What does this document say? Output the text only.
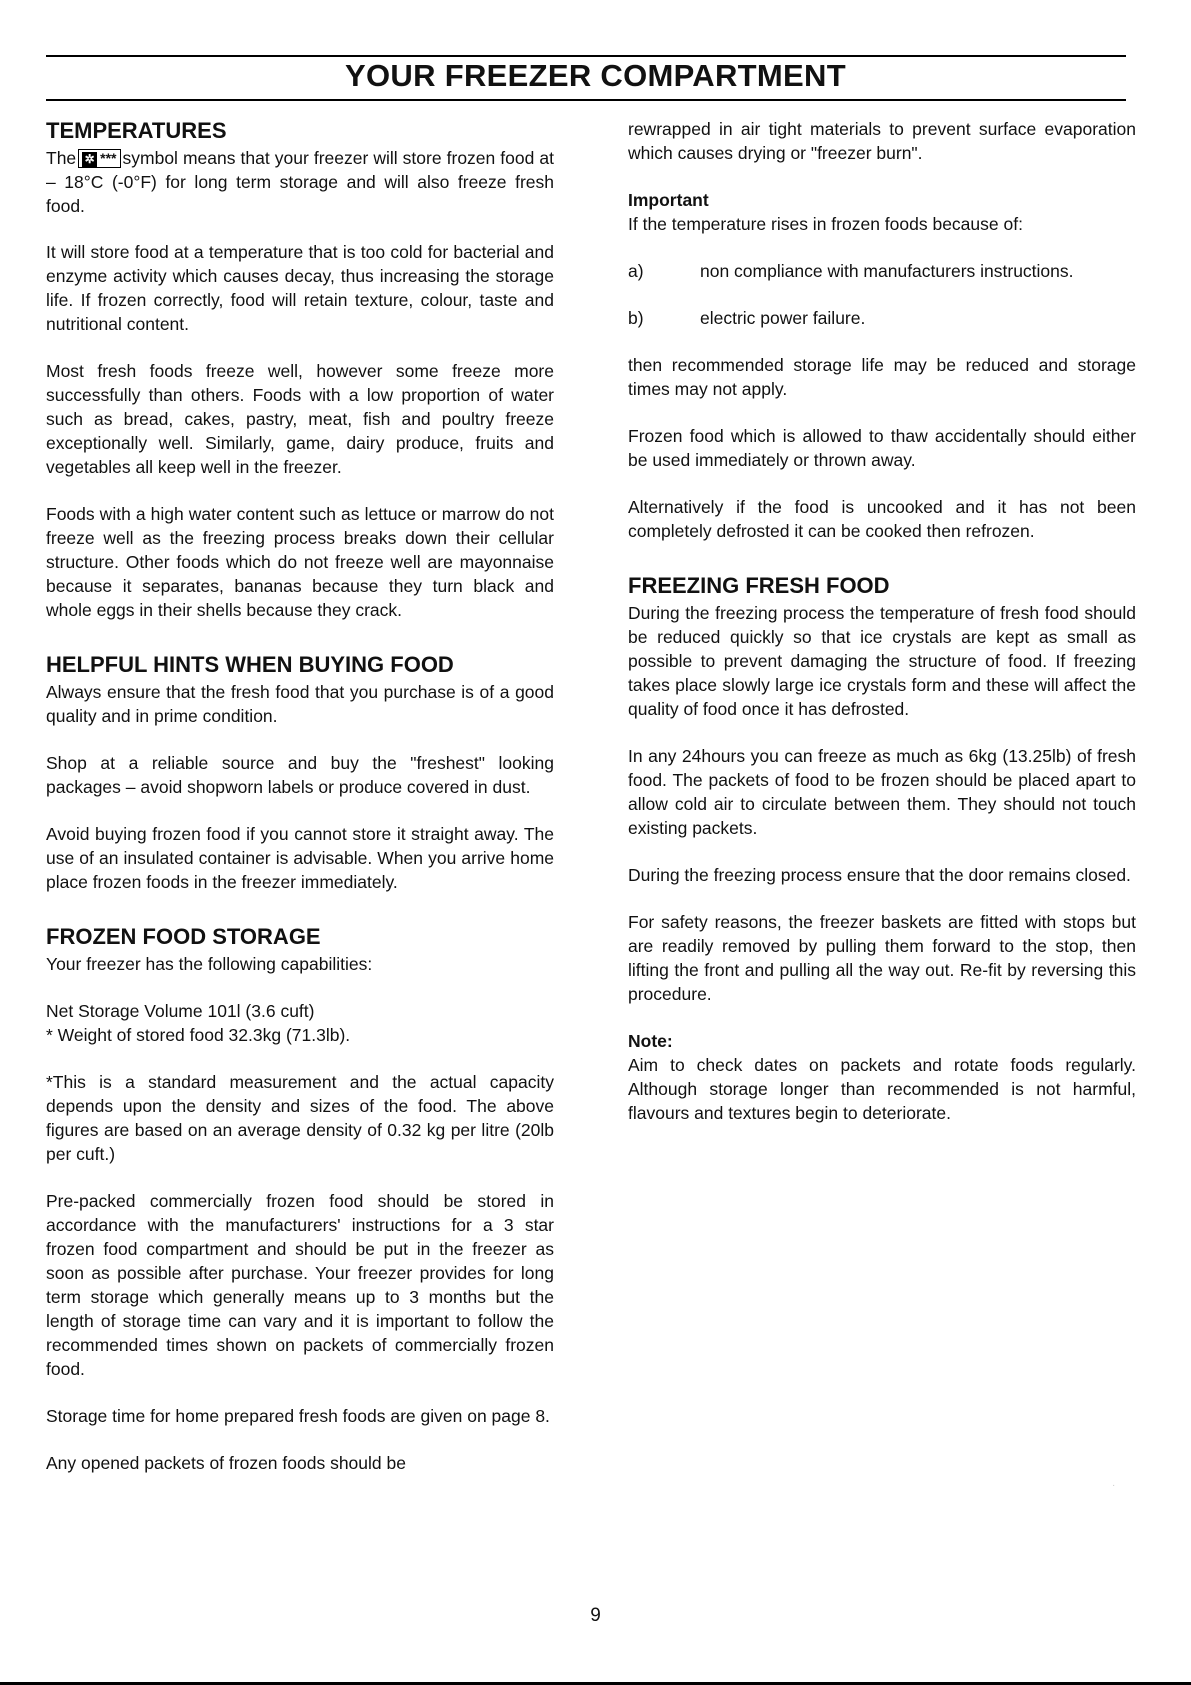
YOUR FREEZER COMPARTMENT
TEMPERATURES

The ✲ *** symbol means that your freezer will store frozen food at – 18°C (-0°F) for long term storage and will also freeze fresh food.

It will store food at a temperature that is too cold for bacterial and enzyme activity which causes decay, thus increasing the storage life. If frozen correctly, food will retain texture, colour, taste and nutritional content.

Most fresh foods freeze well, however some freeze more successfully than others. Foods with a low proportion of water such as bread, cakes, pastry, meat, fish and poultry freeze exceptionally well. Similarly, game, dairy produce, fruits and vegetables all keep well in the freezer.

Foods with a high water content such as lettuce or marrow do not freeze well as the freezing process breaks down their cellular structure. Other foods which do not freeze well are mayonnaise because it separates, bananas because they turn black and whole eggs in their shells because they crack.

HELPFUL HINTS WHEN BUYING FOOD

Always ensure that the fresh food that you purchase is of a good quality and in prime condition.

Shop at a reliable source and buy the "freshest" looking packages – avoid shopworn labels or produce covered in dust.

Avoid buying frozen food if you cannot store it straight away. The use of an insulated container is advisable. When you arrive home place frozen foods in the freezer immediately.

FROZEN FOOD STORAGE

Your freezer has the following capabilities:

Net Storage Volume 101l (3.6 cuft)
* Weight of stored food 32.3kg (71.3lb).

*This is a standard measurement and the actual capacity depends upon the density and sizes of the food. The above figures are based on an average density of 0.32 kg per litre (20lb per cuft.)

Pre-packed commercially frozen food should be stored in accordance with the manufacturers' instructions for a 3 star frozen food compartment and should be put in the freezer as soon as possible after purchase. Your freezer provides for long term storage which generally means up to 3 months but the length of storage time can vary and it is important to follow the recommended times shown on packets of commercially frozen food.

Storage time for home prepared fresh foods are given on page 8.

Any opened packets of frozen foods should be

rewrapped in air tight materials to prevent surface evaporation which causes drying or "freezer burn".

Important

If the temperature rises in frozen foods because of:

a)	non compliance with manufacturers instructions.
b)	electric power failure.

then recommended storage life may be reduced and storage times may not apply.

Frozen food which is allowed to thaw accidentally should either be used immediately or thrown away.

Alternatively if the food is uncooked and it has not been completely defrosted it can be cooked then refrozen.

FREEZING FRESH FOOD

During the freezing process the temperature of fresh food should be reduced quickly so that ice crystals are kept as small as possible to prevent damaging the structure of food. If freezing takes place slowly large ice crystals form and these will affect the quality of food once it has defrosted.

In any 24hours you can freeze as much as 6kg (13.25lb) of fresh food. The packets of food to be frozen should be placed apart to allow cold air to circulate between them. They should not touch existing packets.

During the freezing process ensure that the door remains closed.

For safety reasons, the freezer baskets are fitted with stops but are readily removed by pulling them forward to the stop, then lifting the front and pulling all the way out. Re-fit by reversing this procedure.

Note:

Aim to check dates on packets and rotate foods regularly. Although storage longer than recommended is not harmful, flavours and textures begin to deteriorate.

·
9
